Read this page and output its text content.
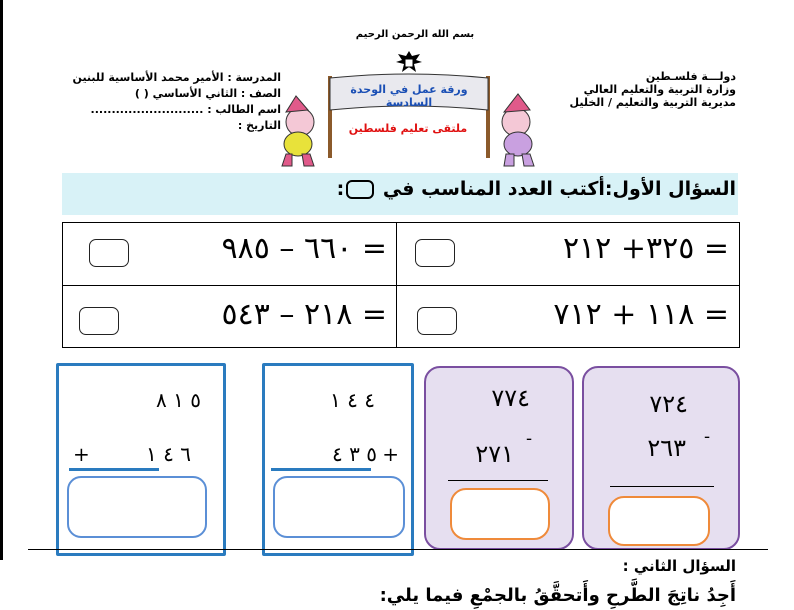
بسم الله الرحمن الرحيم
دولـــة فلسـطين
وزارة التربية والتعليم العالي
مديرية التربية والتعليم / الخليل
المدرسة : الأمير محمد الأساسية للبنين
الصف : الثاني الأساسي ( )
اسم الطالب : ...........................
التاريخ :
ورقة عمل في الوحدة السادسة
ملتقى تعليم فلسطين
السؤال الأول:أكتب العدد المناسب في :
= ٣٢٥+ ٢١٢
= ٦٦٠ – ٩٨٥
= ١١٨ + ٧١٢
= ٢١٨ – ٥٤٣
٥ ١ ٨
+ ٦ ٤ ١
٤ ٤ ١
+
٥ ٣ ٤
٧٧٤
-
٢٧١
٧٢٤
-
٢٦٣
السؤال الثاني :
أَجِدُ ناتِجَ الطَّرحِ وأَتحقَّقُ بالجمْعِ فيما يلي:
